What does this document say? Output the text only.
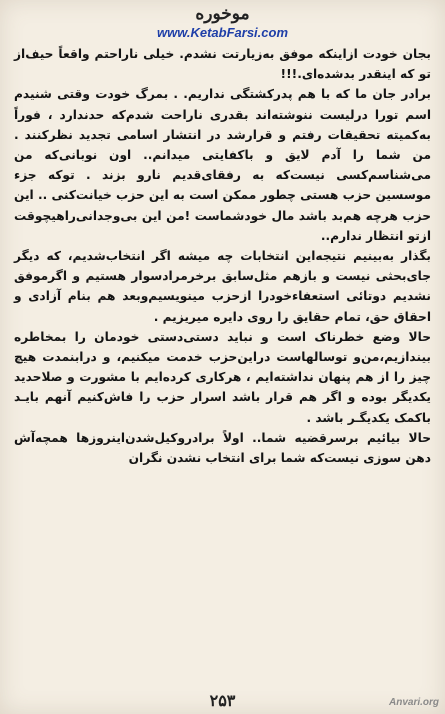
موخوره
www.KetabFarsi.com

بجان خودت ازاینکه موفق به‌زیارتت نشدم. خیلی ناراحتم واقعاً حیف‌از تو که اینقدر بدشده‌ای.!!!

برادر جان ما که با هم پدرکشتگی نداریم. . بمرگ خودت وقتی شنیدم اسم تورا درلیست ننوشته‌اند بقدری ناراحت شدم‌که حدندارد ، فوراً به‌کمیته تحقیقات رفتم و قرارشد در انتشار اسامی تجدید نظرکنند . من شما را آدم لایق و باکفایتی میدانم.. اون نوبانی‌که من می‌شناسم‌کسی نیست‌که به رفقای‌قدیم نارو بزند . توکه جزء موسسین حزب هستی چطور ممکن است به این حزب خیانت‌کنی .. این حزب هرچه هم‌بد باشد مال خودشماست !من این بی‌وجدانی‌راهیچوقت ازتو انتظار ندارم..

بگذار به‌بینیم نتیجه‌این انتخابات چه میشه اگر انتخاب‌شدیم، که دیگر جای‌بحثی نیست و بازهم مثل‌سابق برخرمرادسوار هستیم و اگرموفق نشدیم دوتائی استعفاء‌خودرا ازحزب مینویسیم‌وبعد هم بنام آزادی و احقاق حق، تمام حقایق را روی دایره میریزیم .

حالا وضع خطرناک است و نباید دستی‌دستی خودمان را بمخاطره بیندازیم،من‌و توسالهاست دراین‌حزب خدمت میکنیم، و درابنمدت هیچ چیز را از هم پنهان نداشته‌ایم ، هرکاری کرده‌ایم با مشورت و صلاحدید یکدیگر بوده و اگر هم قرار باشد اسرار حزب را فاش‌کنیم آنهم بایـد باکمک یکدیگـر باشد .

حالا بیائیم برسرقضیه شما.. اولاً برادروکیل‌شدن‌اینروزها همچه‌آش دهن سوزی نیست‌که شما برای انتخاب نشدن نگران

۲۵۳	Anvari.org
